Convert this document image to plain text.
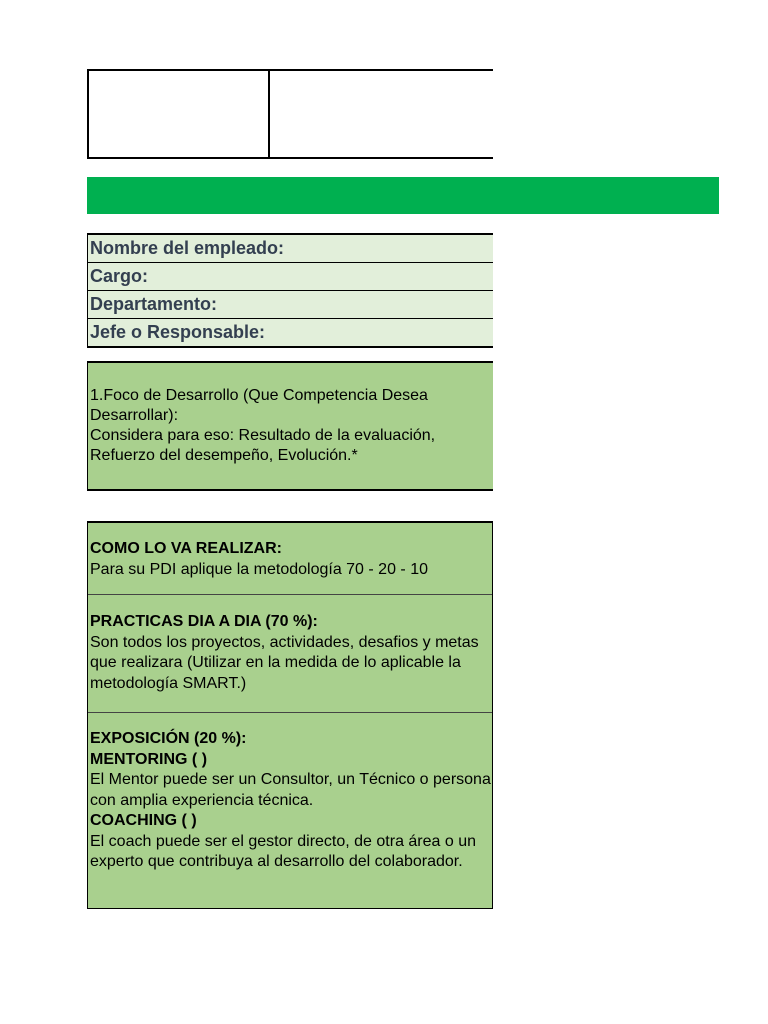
Nombre del empleado:
Cargo:
Departamento:
Jefe o Responsable:
1.Foco de Desarrollo (Que Competencia Desea Desarrollar):
Considera para eso: Resultado de la evaluación, Refuerzo del desempeño, Evolución.*
COMO LO VA REALIZAR:
Para su PDI aplique la metodología 70 - 20 - 10
PRACTICAS DIA A DIA (70 %):
Son todos los proyectos, actividades, desafios y metas que realizara (Utilizar en la medida de lo aplicable la metodología SMART.)
EXPOSICIÓN (20 %):
MENTORING ( )
El Mentor puede ser un Consultor, un Técnico o persona con amplia experiencia técnica.
COACHING ( )
El coach puede ser el gestor directo, de otra área o un experto que contribuya al desarrollo del colaborador.
